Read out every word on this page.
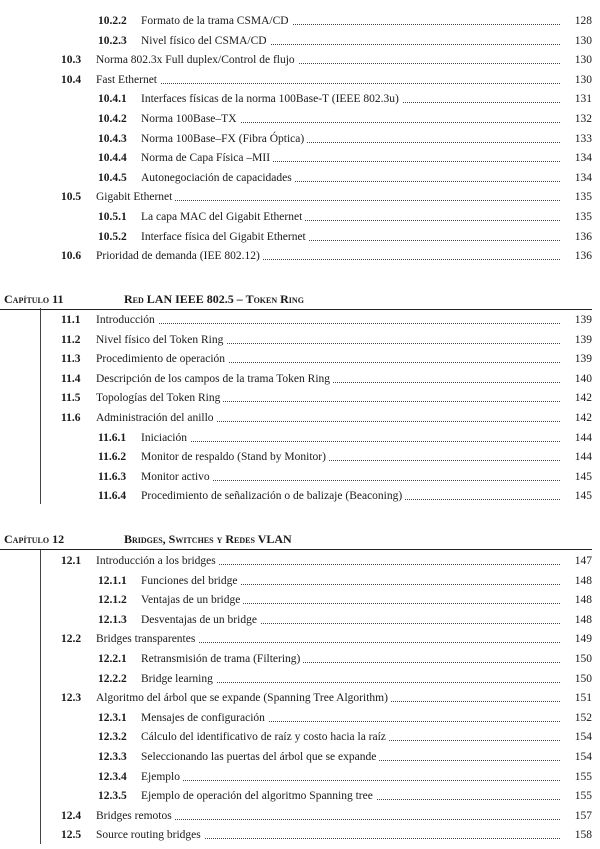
10.2.2 Formato de la trama CSMA/CD	128
10.2.3 Nivel físico del CSMA/CD	130
10.3 Norma 802.3x Full duplex/Control de flujo	130
10.4 Fast Ethernet	130
10.4.1 Interfaces físicas de la norma 100Base-T (IEEE 802.3u)	131
10.4.2 Norma 100Base–TX	132
10.4.3 Norma 100Base–FX (Fibra Óptica)	133
10.4.4 Norma de Capa Física –MII	134
10.4.5 Autonegociación de capacidades	134
10.5 Gigabit Ethernet	135
10.5.1 La capa MAC del Gigabit Ethernet	135
10.5.2 Interface física del Gigabit Ethernet	136
10.6 Prioridad de demanda (IEE 802.12)	136
Capítulo 11	Red LAN IEEE 802.5 – Token Ring
11.1 Introducción	139
11.2 Nivel físico del Token Ring	139
11.3 Procedimiento de operación	139
11.4 Descripción de los campos de la trama Token Ring	140
11.5 Topologías del Token Ring	142
11.6 Administración del anillo	142
11.6.1 Iniciación	144
11.6.2 Monitor de respaldo (Stand by Monitor)	144
11.6.3 Monitor activo	145
11.6.4 Procedimiento de señalización o de balizaje (Beaconing)	145
Capítulo 12	Bridges, Switches y Redes VLAN
12.1 Introducción a los bridges	147
12.1.1 Funciones del bridge	148
12.1.2 Ventajas de un bridge	148
12.1.3 Desventajas de un bridge	148
12.2 Bridges transparentes	149
12.2.1 Retransmisión de trama (Filtering)	150
12.2.2 Bridge learning	150
12.3 Algoritmo del árbol que se expande (Spanning Tree Algorithm)	151
12.3.1 Mensajes de configuración	152
12.3.2 Cálculo del identificativo de raíz y costo hacia la raíz	154
12.3.3 Seleccionando las puertas del árbol que se expande	154
12.3.4 Ejemplo	155
12.3.5 Ejemplo de operación del algoritmo Spanning tree	155
12.4 Bridges remotos	157
12.5 Source routing bridges	158
